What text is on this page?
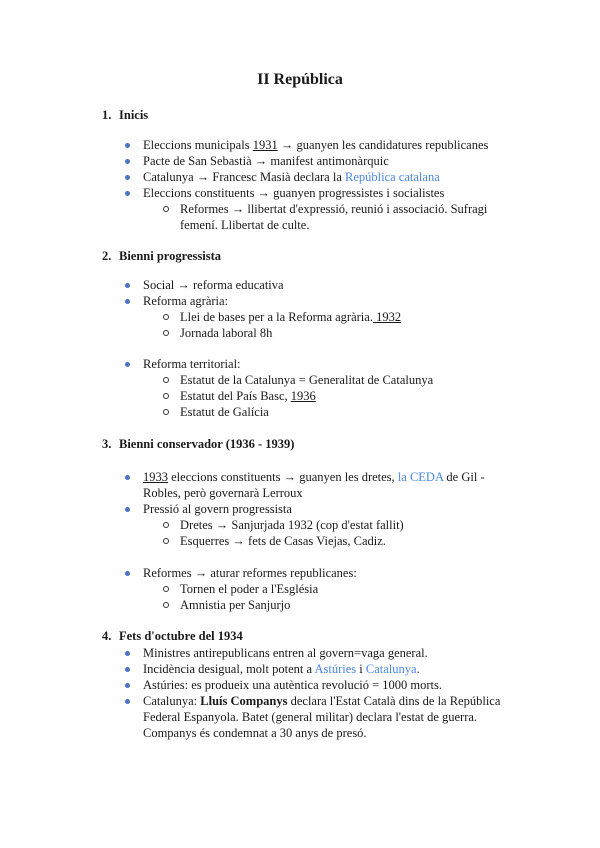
II República
1. Inicis
Eleccions municipals 1931 → guanyen les candidatures republicanes
Pacte de San Sebastià → manifest antimonàrquic
Catalunya → Francesc Masià declara la República catalana
Eleccions constituents → guanyen progressistes i socialistes
Reformes → llibertat d'expressió, reunió i associació. Sufragi femení. Llibertat de culte.
2. Bienni progressista
Social → reforma educativa
Reforma agrària:
Llei de bases per a la Reforma agrària. 1932
Jornada laboral 8h
Reforma territorial:
Estatut de la Catalunya = Generalitat de Catalunya
Estatut del País Basc, 1936
Estatut de Galícia
3. Bienni conservador (1936 - 1939)
1933 eleccions constituents → guanyen les dretes, la CEDA de Gil - Robles, però governarà Lerroux
Pressió al govern progressista
Dretes → Sanjurjada 1932 (cop d'estat fallit)
Esquerres → fets de Casas Viejas, Cadiz.
Reformes → aturar reformes republicanes:
Tornen el poder a l'Església
Amnistia per Sanjurjo
4. Fets d'octubre del 1934
Ministres antirepublicans entren al govern=vaga general.
Incidència desigual, molt potent a Astúries i Catalunya.
Astúries: es produeix una autèntica revolució = 1000 morts.
Catalunya: Lluís Companys declara l'Estat Català dins de la República Federal Espanyola. Batet (general militar) declara l'estat de guerra. Companys és condemnat a 30 anys de presó.
